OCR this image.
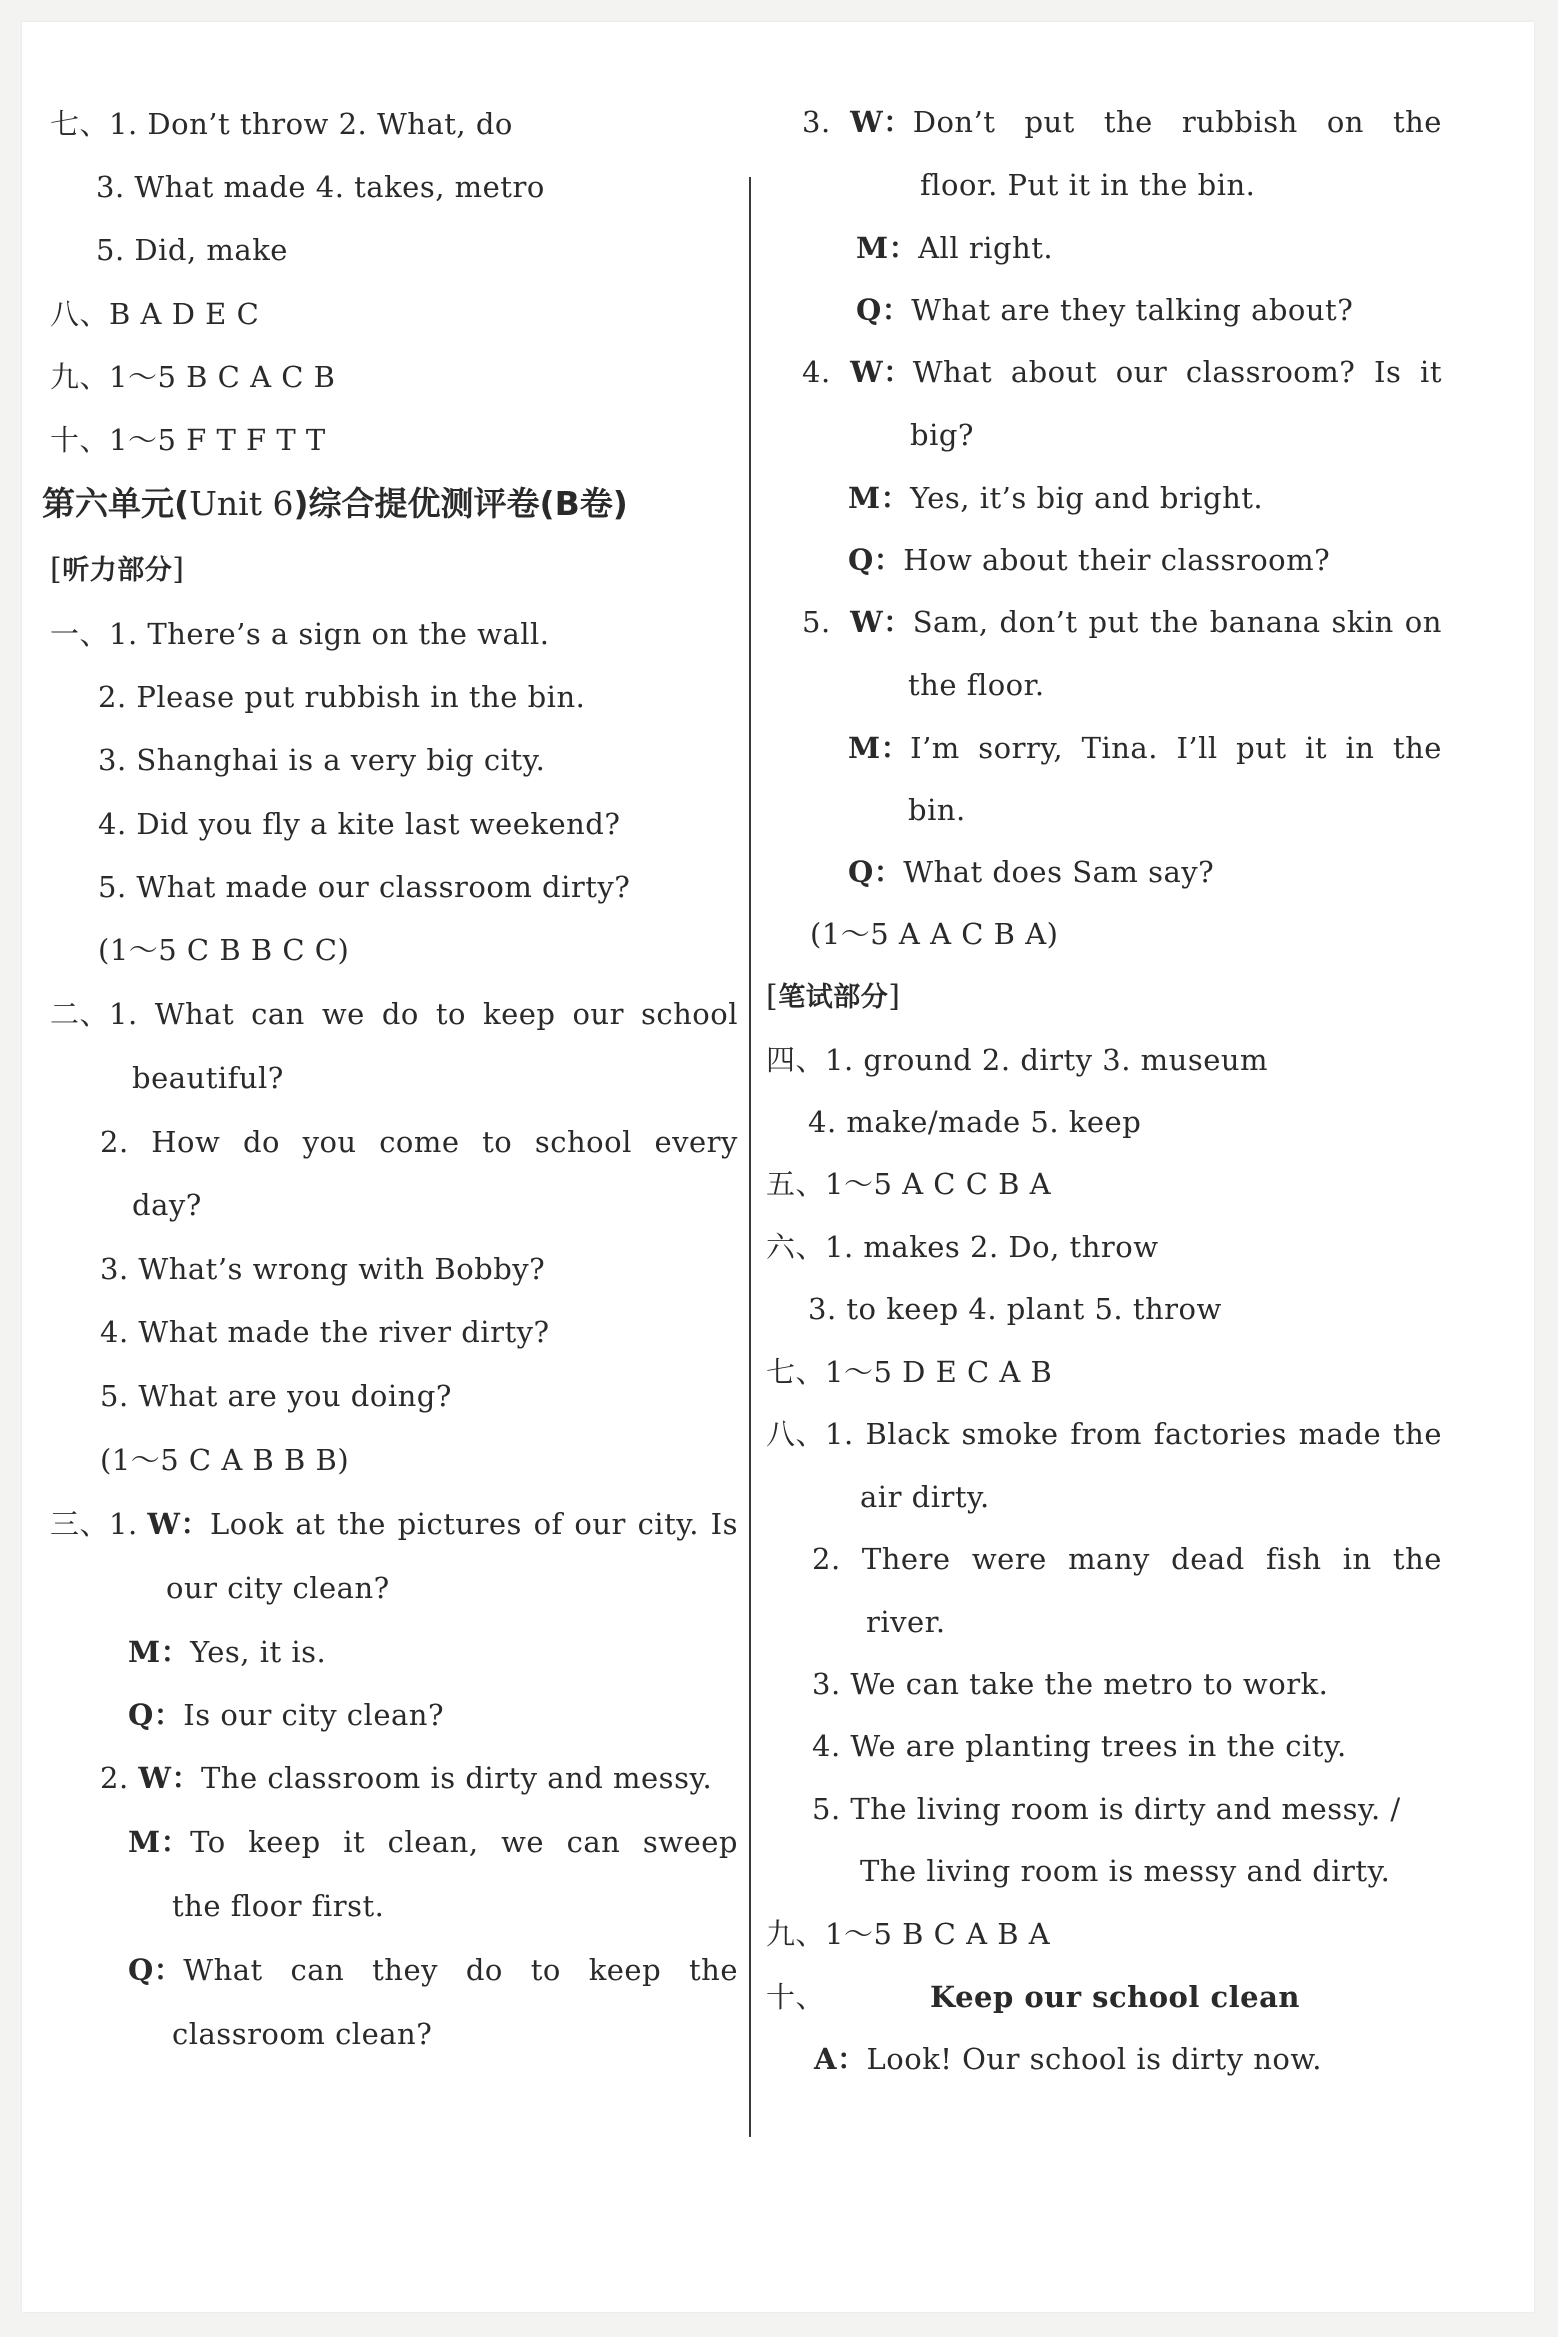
七、1. Don’t throw 2. What, do
3. What made 4. takes, metro
5. Did, make
八、B A D E C
九、1～5 B C A C B
十、1～5 F T F T T
第六单元(Unit 6)综合提优测评卷(B卷)
[听力部分]
一、1. There’s a sign on the wall.
2. Please put rubbish in the bin.
3. Shanghai is a very big city.
4. Did you fly a kite last weekend?
5. What made our classroom dirty?
(1～5 C B B C C)
二、 1. What can we do to keep our school
beautiful?
2. How do you come to school every
day?
3. What’s wrong with Bobby?
4. What made the river dirty?
5. What are you doing?
(1～5 C A B B B)
三、 1.
W： Look at the pictures of our city. Is
our city clean?
M：Yes, it is.
Q：Is our city clean?
2. W：The classroom is dirty and messy.
M： To keep it clean, we can sweep
the floor first.
Q： What can they do to keep the
classroom clean?
3.
W： Don’t put the rubbish on the
floor. Put it in the bin.
M：All right.
Q：What are they talking about?
4.
W： What about our classroom? Is it
big?
M：Yes, it’s big and bright.
Q：How about their classroom?
5.
W： Sam, don’t put the banana skin on
the floor.
M： I’m sorry, Tina. I’ll put it in the
bin.
Q：What does Sam say?
(1～5 A A C B A)
[笔试部分]
四、1. ground 2. dirty 3. museum
4. make/made 5. keep
五、1～5 A C C B A
六、1. makes 2. Do, throw
3. to keep 4. plant 5. throw
七、1～5 D E C A B
八、 1. Black smoke from factories made the
air dirty.
2. There were many dead fish in the
river.
3. We can take the metro to work.
4. We are planting trees in the city.
5. The living room is dirty and messy. /
The living room is messy and dirty.
九、1～5 B C A B A
十、	Keep our school clean
A：Look! Our school is dirty now.
